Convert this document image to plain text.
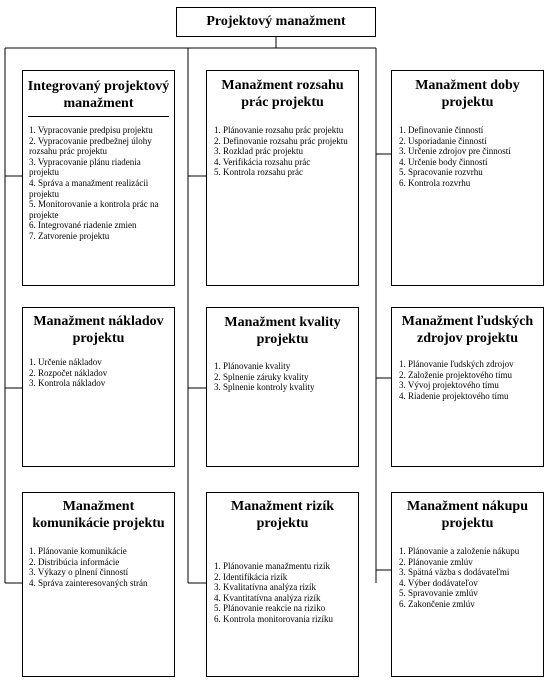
Projektový manažment
Integrovaný projektový manažment
1. Vypracovanie predpisu projektu
2. Vypracovanie predbežnej úlohy rozsahu prác projektu
3. Vypracovanie plánu riadenia projektu
4. Správa a manažment realizácii projektu
5. Monitorovanie a kontrola prác na projekte
6. Integrované riadenie zmien
7. Zatvorenie projektu
Manažment rozsahu prác projektu
1. Plánovanie rozsahu prác projektu
2. Definovanie rozsahu prác projektu
3. Rozklad prác projektu
4. Verifikácia rozsahu prác
5. Kontrola rozsahu prác
Manažment doby projektu
1. Definovanie činností
2. Usporiadanie činností
3. Určenie zdrojov pre činností
4. Určenie body činností
5. Spracovanie rozvrhu
6. Kontrola rozvrhu
Manažment nákladov projektu
1. Určenie nákladov
2. Rozpočet nákladov
3. Kontrola nákladov
Manažment kvality projektu
1. Plánovanie kvality
2. Splnenie záruky kvality
3. Splnenie kontroly kvality
Manažment ľudských zdrojov projektu
1. Plánovanie ľudských zdrojov
2. Založenie projektového tímu
3. Vývoj projektového tímu
4. Riadenie projektového tímu
Manažment komunikácie projektu
1. Plánovanie komunikácie
2. Distribúcia informácie
3. Výkazy o plnení činností
4. Správa zainteresovaných strán
Manažment rizík projektu
1. Plánovanie manažmentu rizík
2. Identifikácia rizík
3. Kvalitatívna analýza rizík
4. Kvantitatívna analýza rizík
5. Plánovanie reakcie na riziko
6. Kontrola monitorovania rizíku
Manažment nákupu projektu
1. Plánovanie a založenie nákupu
2. Plánovanie zmlúv
3. Spätná väzba s dodávateľmi
4. Výber dodávateľov
5. Spravovanie zmlúv
6. Zakončenie zmlúv
